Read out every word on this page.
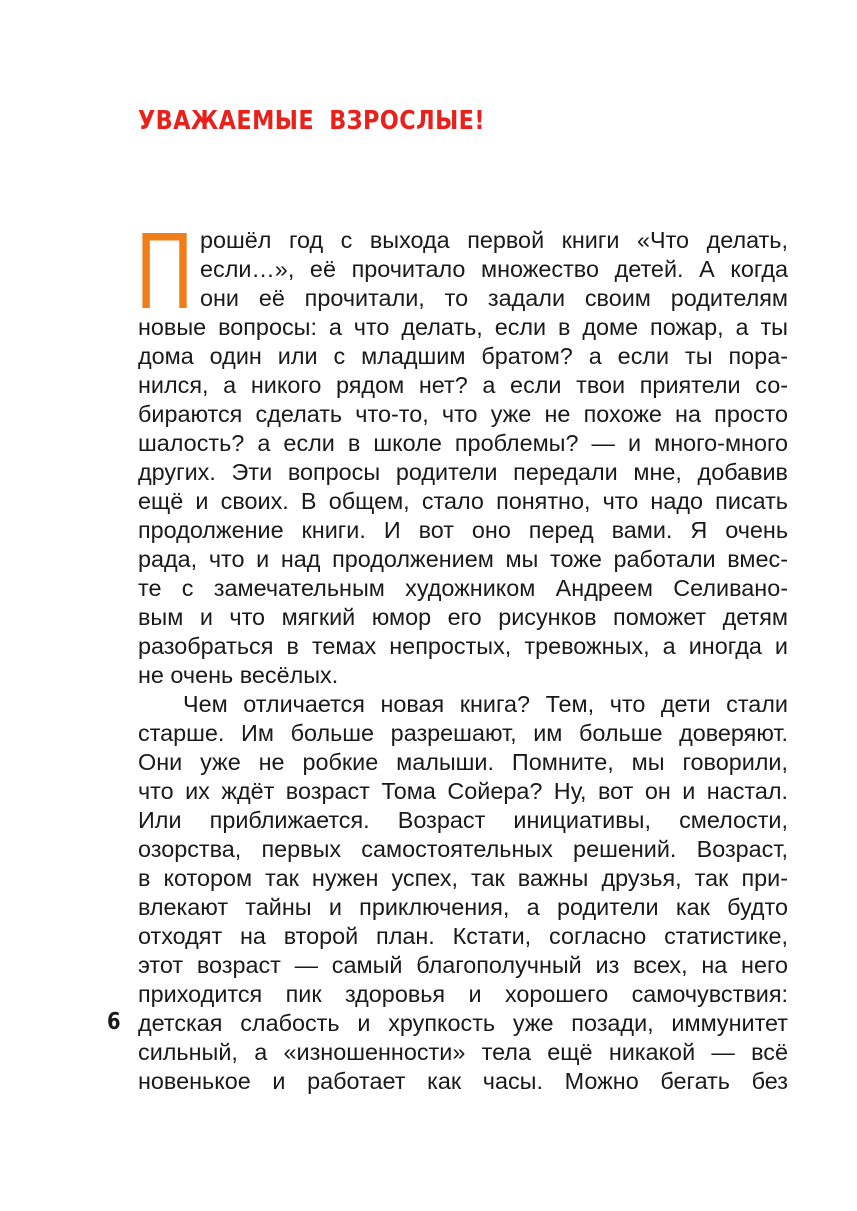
УВАЖАЕМЫЕ ВЗРОСЛЫЕ!
П рошёл год с выхода первой книги «Что делать,
если…», её прочитало множество детей. А когда
они её прочитали, то задали своим родителям
новые вопросы: а что делать, если в доме пожар, а ты
дома один или с младшим братом? а если ты пора-
нился, а никого рядом нет? а если твои приятели со-
бираются сделать что-то, что уже не похоже на просто
шалость? а если в школе проблемы? — и много-много
других. Эти вопросы родители передали мне, добавив
ещё и своих. В общем, стало понятно, что надо писать
продолжение книги. И вот оно перед вами. Я очень
рада, что и над продолжением мы тоже работали вмес-
те с замечательным художником Андреем Селивано-
вым и что мягкий юмор его рисунков поможет детям
разобраться в темах непростых, тревожных, а иногда и
не очень весёлых.
Чем отличается новая книга? Тем, что дети стали
старше. Им больше разрешают, им больше доверяют.
Они уже не робкие малыши. Помните, мы говорили,
что их ждёт возраст Тома Сойера? Ну, вот он и настал.
Или приближается. Возраст инициативы, смелости,
озорства, первых самостоятельных решений. Возраст,
в котором так нужен успех, так важны друзья, так при-
влекают тайны и приключения, а родители как будто
отходят на второй план. Кстати, согласно статистике,
этот возраст — самый благополучный из всех, на него
приходится пик здоровья и хорошего самочувствия:
детская слабость и хрупкость уже позади, иммунитет
сильный, а «изношенности» тела ещё никакой — всё
новенькое и работает как часы. Можно бегать без
6
